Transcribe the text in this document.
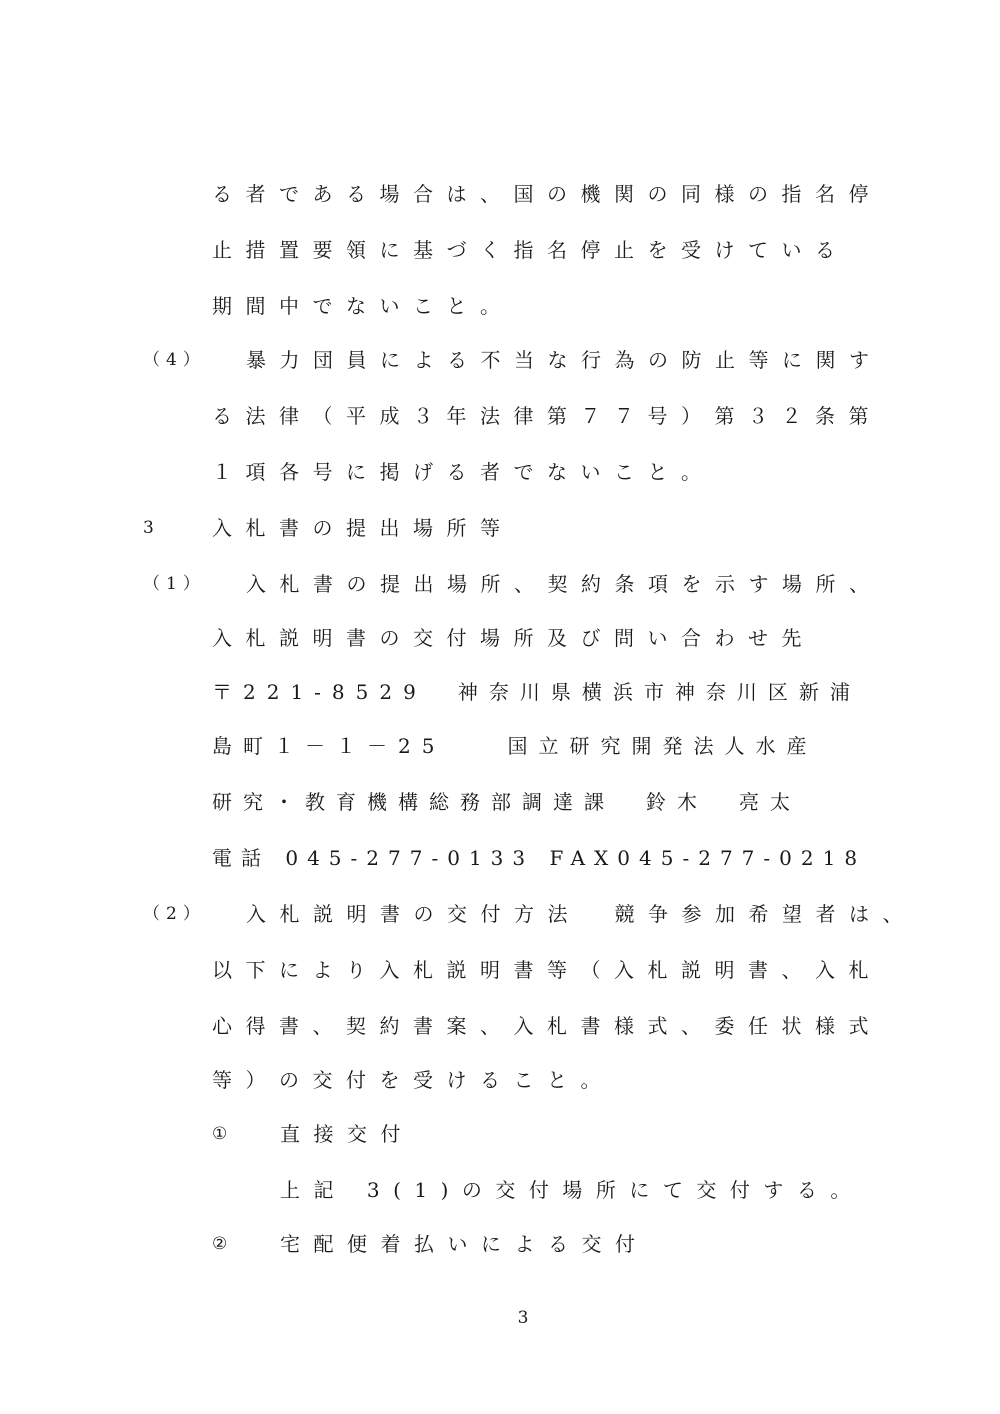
る者である場合は、国の機関の同様の指名停
止措置要領に基づく指名停止を受けている
期間中でないこと。
（4） 暴力団員による不当な行為の防止等に関す
る法律（平成３年法律第７７号）第３２条第
１項各号に掲げる者でないこと。
3	入札書の提出場所等
（1） 入札書の提出場所、契約条項を示す場所、
入札説明書の交付場所及び問い合わせ先
〒221-8529　神奈川県横浜市神奈川区新浦
島町１－１－25　　国立研究開発法人水産
研究・教育機構総務部調達課　鈴木　亮太
電話 045-277-0133 FAX045-277-0218
（2） 入札説明書の交付方法　競争参加希望者は、
以下により入札説明書等（入札説明書、入札
心得書、契約書案、入札書様式、委任状様式
等）の交付を受けること。
① 直接交付
上記 3(1)の交付場所にて交付する。
② 宅配便着払いによる交付
3
